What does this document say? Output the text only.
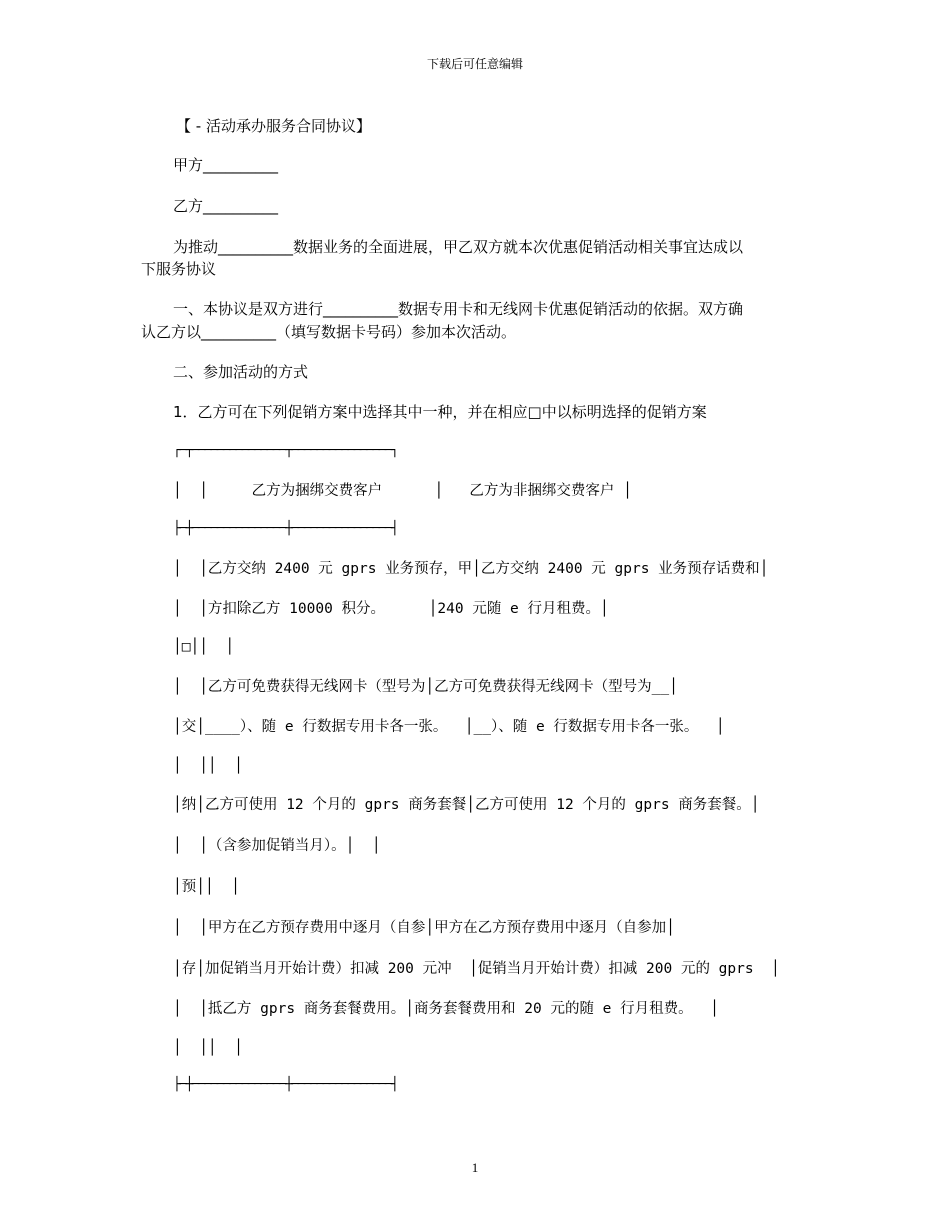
下载后可任意编辑
【 - 活动承办服务合同协议】
甲方__________
乙方__________
为推动__________数据业务的全面进展，甲乙双方就本次优惠促销活动相关事宜达成以
下服务协议
一、本协议是双方进行__________数据专用卡和无线网卡优惠促销活动的依据。双方确
认乙方以__________（填写数据卡号码）参加本次活动。
二、参加活动的方式
1．乙方可在下列促销方案中选择其中一种，并在相应□中以标明选择的促销方案
┌─┬───────────────┬────────────────┐
│  │     乙方为捆绑交费客户      │   乙方为非捆绑交费客户 │
├─┼───────────────┼────────────────┤
│  │乙方交纳 2400 元 gprs 业务预存，甲│乙方交纳 2400 元 gprs 业务预存话费和│
│  │方扣除乙方 10000 积分。     │240 元随 e 行月租费。│
│□││  │
│  │乙方可免费获得无线网卡（型号为│乙方可免费获得无线网卡（型号为__│
│交│____）、随 e 行数据专用卡各一张。  │__）、随 e 行数据专用卡各一张。  │
│  ││  │
│纳│乙方可使用 12 个月的 gprs 商务套餐│乙方可使用 12 个月的 gprs 商务套餐。│
│  │（含参加促销当月）。│  │
│预││  │
│  │甲方在乙方预存费用中逐月（自参│甲方在乙方预存费用中逐月（自参加│
│存│加促销当月开始计费）扣减 200 元冲  │促销当月开始计费）扣减 200 元的 gprs  │
│  │抵乙方 gprs 商务套餐费用。│商务套餐费用和 20 元的随 e 行月租费。  │
│  ││  │
├─┼───────────────┼────────────────┤
1
